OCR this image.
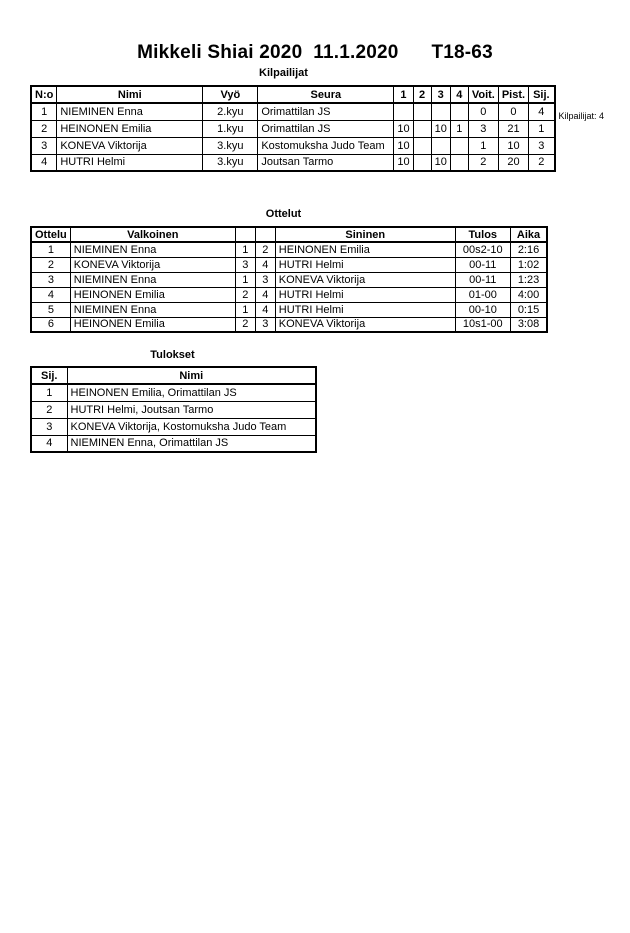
Mikkeli Shiai 2020  11.1.2020      T18-63
Kilpailijat: 4
Kilpailijat
N:o	Nimi	Vyö	Seura	1	2	3	4	Voit.	Pist.	Sij.
1	NIEMINEN Enna	2.kyu	Orimattilan JS					0	0	4
2	HEINONEN Emilia	1.kyu	Orimattilan JS	10		10	1	3	21	1
3	KONEVA Viktorija	3.kyu	Kostomuksha Judo Team	10				1	10	3
4	HUTRI Helmi	3.kyu	Joutsan Tarmo	10		10		2	20	2
Ottelut
Ottelu	Valkoinen			Sininen	Tulos	Aika
1	NIEMINEN Enna	1	2	HEINONEN Emilia	00s2-10	2:16
2	KONEVA Viktorija	3	4	HUTRI Helmi	00-11	1:02
3	NIEMINEN Enna	1	3	KONEVA Viktorija	00-11	1:23
4	HEINONEN Emilia	2	4	HUTRI Helmi	01-00	4:00
5	NIEMINEN Enna	1	4	HUTRI Helmi	00-10	0:15
6	HEINONEN Emilia	2	3	KONEVA Viktorija	10s1-00	3:08
Tulokset
Sij.	Nimi
1	HEINONEN Emilia, Orimattilan JS
2	HUTRI Helmi, Joutsan Tarmo
3	KONEVA Viktorija, Kostomuksha Judo Team
4	NIEMINEN Enna, Orimattilan JS
